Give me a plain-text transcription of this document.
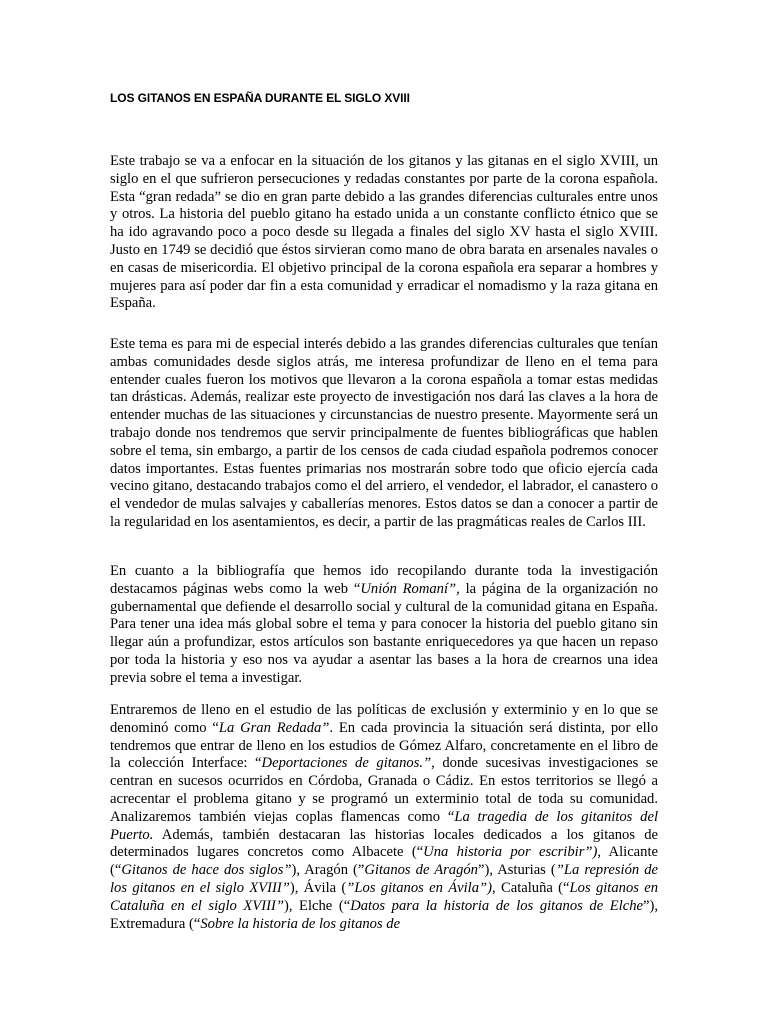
LOS GITANOS EN ESPAÑA DURANTE EL SIGLO XVIII

Este trabajo se va a enfocar en la situación de los gitanos y las gitanas en el siglo XVIII, un siglo en el que sufrieron persecuciones y redadas constantes por parte de la corona española. Esta “gran redada” se dio en gran parte debido a las grandes diferencias culturales entre unos y otros. La historia del pueblo gitano ha estado unida a un constante conflicto étnico que se ha ido agravando poco a poco desde su llegada a finales del siglo XV hasta el siglo XVIII. Justo en 1749 se decidió que éstos sirvieran como mano de obra barata en arsenales navales o en casas de misericordia. El objetivo principal de la corona española era separar a hombres y mujeres para así poder dar fin a esta comunidad y erradicar el nomadismo y la raza gitana en España.

Este tema es para mi de especial interés debido a las grandes diferencias culturales que tenían ambas comunidades desde siglos atrás, me interesa profundizar de lleno en el tema para entender cuales fueron los motivos que llevaron a la corona española a tomar estas medidas tan drásticas. Además, realizar este proyecto de investigación nos dará las claves a la hora de entender muchas de las situaciones y circunstancias de nuestro presente. Mayormente será un trabajo donde nos tendremos que servir principalmente de fuentes bibliográficas que hablen sobre el tema, sin embargo, a partir de los censos de cada ciudad española podremos conocer datos importantes. Estas fuentes primarias nos mostrarán sobre todo que oficio ejercía cada vecino gitano, destacando trabajos como el del arriero, el vendedor, el labrador, el canastero o el vendedor de mulas salvajes y caballerías menores. Estos datos se dan a conocer a partir de la regularidad en los asentamientos, es decir, a partir de las pragmáticas reales de Carlos III.

En cuanto a la bibliografía que hemos ido recopilando durante toda la investigación destacamos páginas webs como la web “Unión Romaní”, la página de la organización no gubernamental que defiende el desarrollo social y cultural de la comunidad gitana en España. Para tener una idea más global sobre el tema y para conocer la historia del pueblo gitano sin llegar aún a profundizar, estos artículos son bastante enriquecedores ya que hacen un repaso por toda la historia y eso nos va ayudar a asentar las bases a la hora de crearnos una idea previa sobre el tema a investigar.

Entraremos de lleno en el estudio de las políticas de exclusión y exterminio y en lo que se denominó como “La Gran Redada”. En cada provincia la situación será distinta, por ello tendremos que entrar de lleno en los estudios de Gómez Alfaro, concretamente en el libro de la colección Interface: “Deportaciones de gitanos.”, donde sucesivas investigaciones se centran en sucesos ocurridos en Córdoba, Granada o Cádiz. En estos territorios se llegó a acrecentar el problema gitano y se programó un exterminio total de toda su comunidad. Analizaremos también viejas coplas flamencas como “La tragedia de los gitanitos del Puerto. Además, también destacaran las historias locales dedicados a los gitanos de determinados lugares concretos como Albacete (“Una historia por escribir”), Alicante (“Gitanos de hace dos siglos”), Aragón (”Gitanos de Aragón”), Asturias (”La represión de los gitanos en el siglo XVIII”), Ávila (”Los gitanos en Ávila”), Cataluña (“Los gitanos en Cataluña en el siglo XVIII”), Elche (“Datos para la historia de los gitanos de Elche”), Extremadura (“Sobre la historia de los gitanos de
